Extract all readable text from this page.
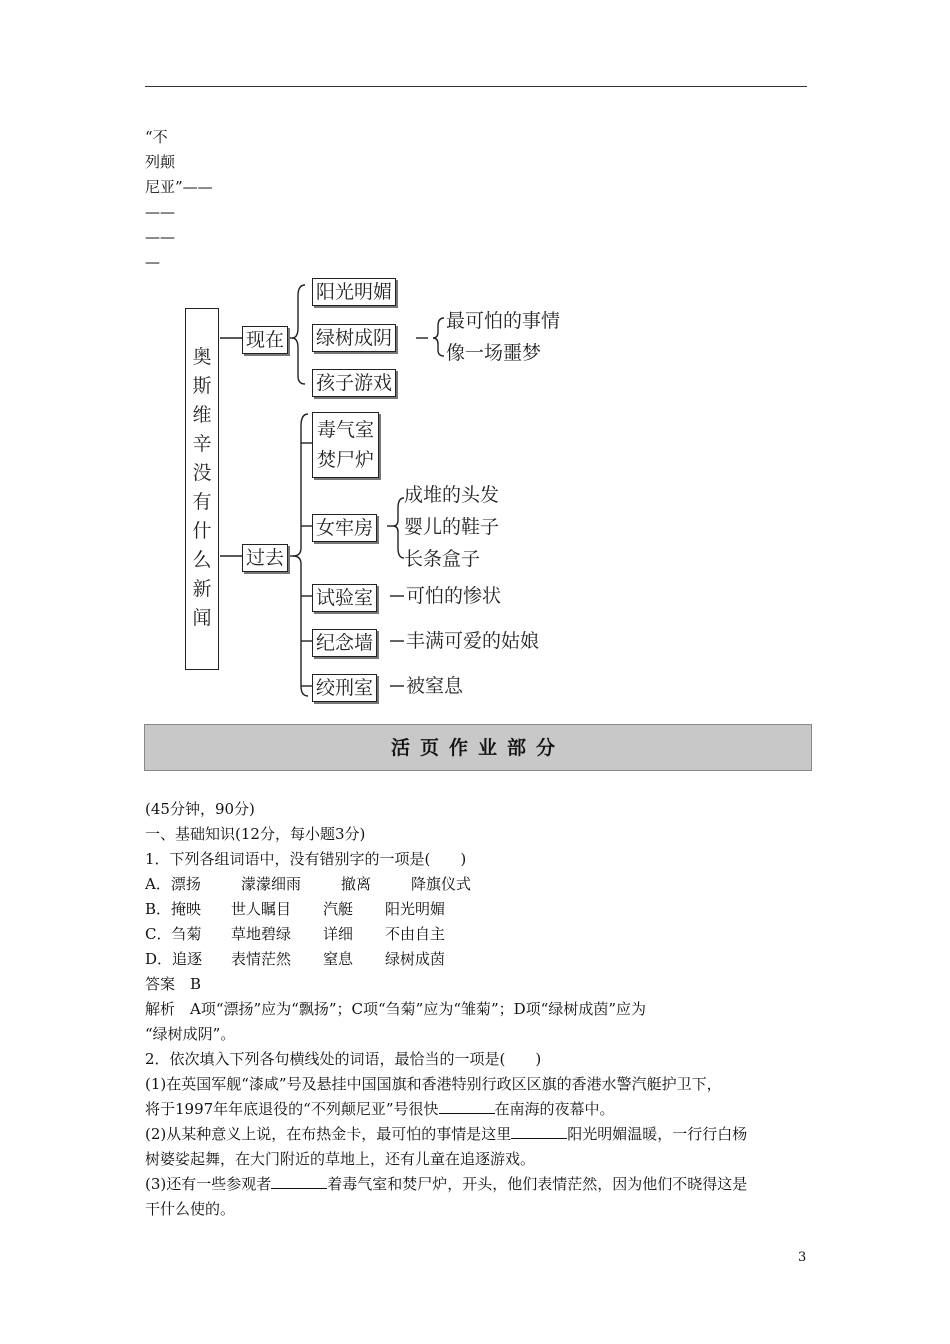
“不
列颠
尼亚”——
——
——
—
奥斯维辛没有什么新闻
现在
阳光明媚
绿树成阴
孩子游戏
最可怕的事情
像一场噩梦
过去
毒气室
焚尸炉
女牢房
成堆的头发
婴儿的鞋子
长条盒子
试验室 可怕的惨状
纪念墙 丰满可爱的姑娘
绞刑室 被窒息
活页作业部分
(45分钟，90分)
一、基础知识(12分，每小题3分)
1．下列各组词语中，没有错别字的一项是(　　)
A．漂扬	濛濛细雨	撤离	降旗仪式
B．掩映 世人瞩目 汽艇 阳光明媚
C．刍菊 草地碧绿 详细 不由自主
D．追逐 表情茫然 窒息 绿树成茵
答案　B
解析　A项“漂扬”应为“飘扬”；C项“刍菊”应为“雏菊”；D项“绿树成茵”应为
“绿树成阴”。
2．依次填入下列各句横线处的词语，最恰当的一项是(　　)
(1)在英国军舰“漆咸”号及悬挂中国国旗和香港特别行政区区旗的香港水警汽艇护卫下，
将于1997年年底退役的“不列颠尼亚”号很快	在南海的夜幕中。
(2)从某种意义上说，在布热金卡，最可怕的事情是这里	阳光明媚温暖，一行行白杨
树婆娑起舞，在大门附近的草地上，还有儿童在追逐游戏。
(3)还有一些参观者	着毒气室和焚尸炉，开头，他们表情茫然，因为他们不晓得这是
干什么使的。
3
